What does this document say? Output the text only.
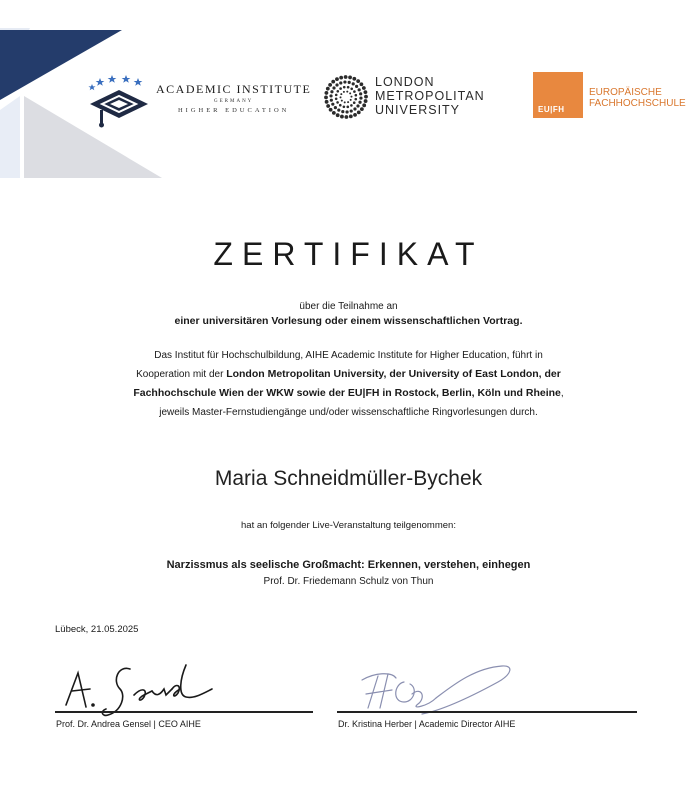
ACADEMIC INSTITUTE
GERMANY
HIGHER EDUCATION
LONDON
METROPOLITAN
UNIVERSITY	EU|FH
EUROPÄISCHE
FACHHOCHSCHULE
ZERTIFIKAT
über die Teilnahme an
einer universitären Vorlesung oder einem wissenschaftlichen Vortrag.
Das Institut für Hochschulbildung, AIHE Academic Institute for Higher Education, führt in
Kooperation mit der London Metropolitan University, der University of East London, der
Fachhochschule Wien der WKW sowie der EU|FH in Rostock, Berlin, Köln und Rheine,
jeweils Master-Fernstudiengänge und/oder wissenschaftliche Ringvorlesungen durch.
Maria Schneidmüller-Bychek
hat an folgender Live-Veranstaltung teilgenommen:
Narzissmus als seelische Großmacht: Erkennen, verstehen, einhegen
Prof. Dr. Friedemann Schulz von Thun
Lübeck, 21.05.2025
Prof. Dr. Andrea Gensel | CEO AIHE	Dr. Kristina Herber | Academic Director AIHE
